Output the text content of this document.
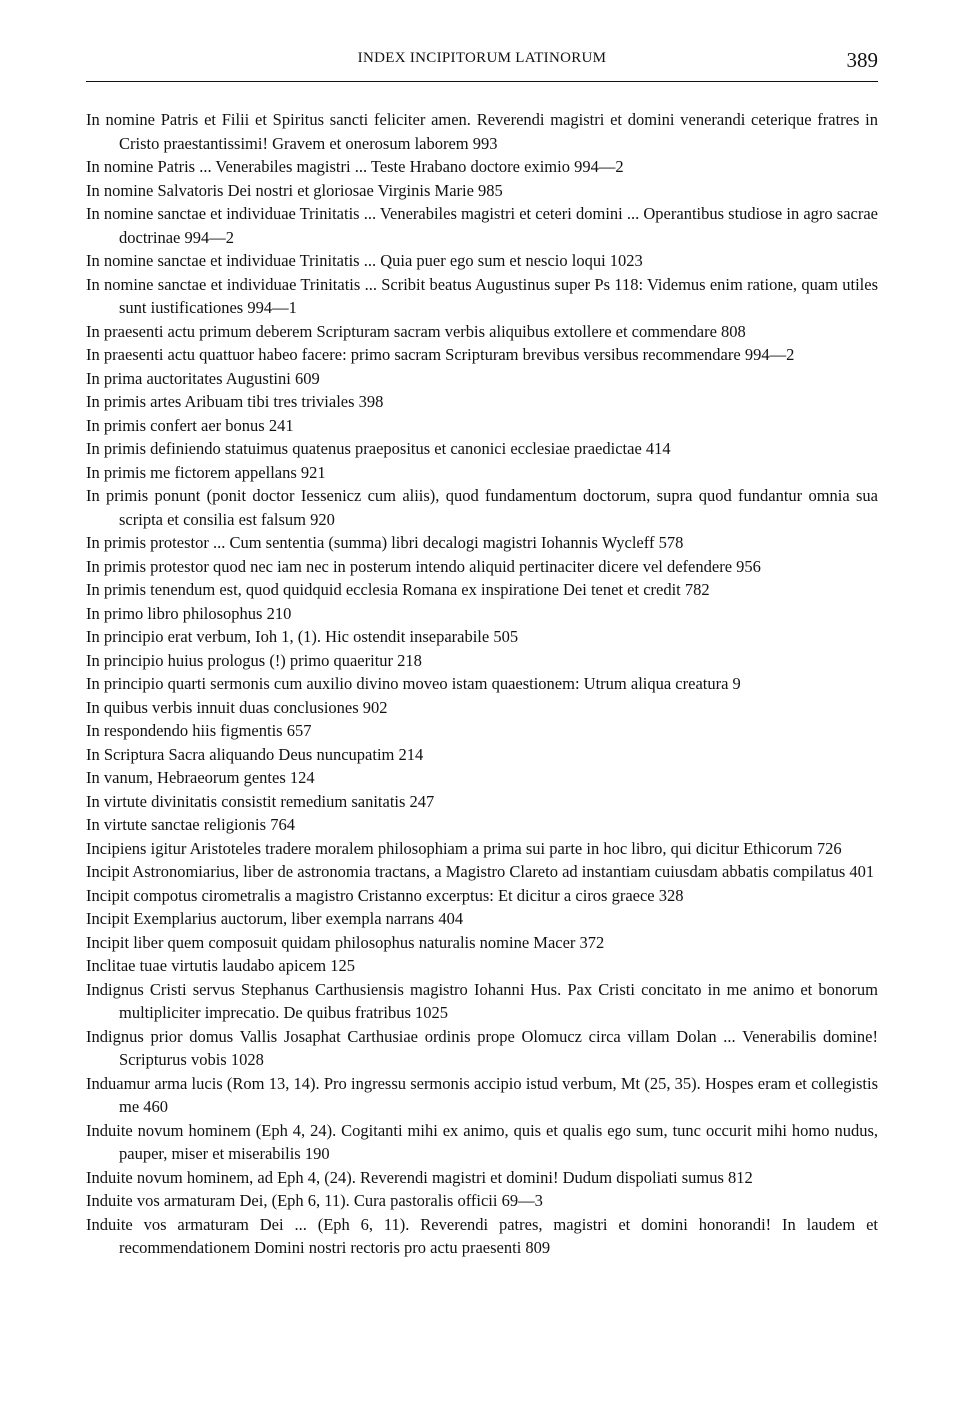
INDEX INCIPITORUM LATINORUM	389
In nomine Patris et Filii et Spiritus sancti feliciter amen. Reverendi magistri et domini venerandi ceterique fratres in Cristo praestantissimi! Gravem et onerosum laborem 993
In nomine Patris ... Venerabiles magistri ... Teste Hrabano doctore eximio 994—2
In nomine Salvatoris Dei nostri et gloriosae Virginis Marie 985
In nomine sanctae et individuae Trinitatis ... Venerabiles magistri et ceteri domini ... Operantibus studiose in agro sacrae doctrinae 994—2
In nomine sanctae et individuae Trinitatis ... Quia puer ego sum et nescio loqui 1023
In nomine sanctae et individuae Trinitatis ... Scribit beatus Augustinus super Ps 118: Videmus enim ratione, quam utiles sunt iustificationes 994—1
In praesenti actu primum deberem Scripturam sacram verbis aliquibus extollere et commendare 808
In praesenti actu quattuor habeo facere: primo sacram Scripturam brevibus versibus recommendare 994—2
In prima auctoritates Augustini 609
In primis artes Aribuam tibi tres triviales 398
In primis confert aer bonus 241
In primis definiendo statuimus quatenus praepositus et canonici ecclesiae praedictae 414
In primis me fictorem appellans 921
In primis ponunt (ponit doctor Iessenicz cum aliis), quod fundamentum doctorum, supra quod fundantur omnia sua scripta et consilia est falsum 920
In primis protestor ... Cum sententia (summa) libri decalogi magistri Iohannis Wycleff 578
In primis protestor quod nec iam nec in posterum intendo aliquid pertinaciter dicere vel defendere 956
In primis tenendum est, quod quidquid ecclesia Romana ex inspiratione Dei tenet et credit 782
In primo libro philosophus 210
In principio erat verbum, Ioh 1, (1). Hic ostendit inseparabile 505
In principio huius prologus (!) primo quaeritur 218
In principio quarti sermonis cum auxilio divino moveo istam quaestionem: Utrum aliqua creatura 9
In quibus verbis innuit duas conclusiones 902
In respondendo hiis figmentis 657
In Scriptura Sacra aliquando Deus nuncupatim 214
In vanum, Hebraeorum gentes 124
In virtute divinitatis consistit remedium sanitatis 247
In virtute sanctae religionis 764
Incipiens igitur Aristoteles tradere moralem philosophiam a prima sui parte in hoc libro, qui dicitur Ethicorum 726
Incipit Astronomiarius, liber de astronomia tractans, a Magistro Clareto ad instantiam cuiusdam abbatis compilatus 401
Incipit compotus cirometralis a magistro Cristanno excerptus: Et dicitur a ciros graece 328
Incipit Exemplarius auctorum, liber exempla narrans 404
Incipit liber quem composuit quidam philosophus naturalis nomine Macer 372
Inclitae tuae virtutis laudabo apicem 125
Indignus Cristi servus Stephanus Carthusiensis magistro Iohanni Hus. Pax Cristi concitato in me animo et bonorum multipliciter imprecatio. De quibus fratribus 1025
Indignus prior domus Vallis Josaphat Carthusiae ordinis prope Olomucz circa villam Dolan ... Venerabilis domine! Scripturus vobis 1028
Induamur arma lucis (Rom 13, 14). Pro ingressu sermonis accipio istud verbum, Mt (25, 35). Hospes eram et collegistis me 460
Induite novum hominem (Eph 4, 24). Cogitanti mihi ex animo, quis et qualis ego sum, tunc occurit mihi homo nudus, pauper, miser et miserabilis 190
Induite novum hominem, ad Eph 4, (24). Reverendi magistri et domini! Dudum dispoliati sumus 812
Induite vos armaturam Dei, (Eph 6, 11). Cura pastoralis officii 69—3
Induite vos armaturam Dei ... (Eph 6, 11). Reverendi patres, magistri et domini honorandi! In laudem et recommendationem Domini nostri rectoris pro actu praesenti 809
